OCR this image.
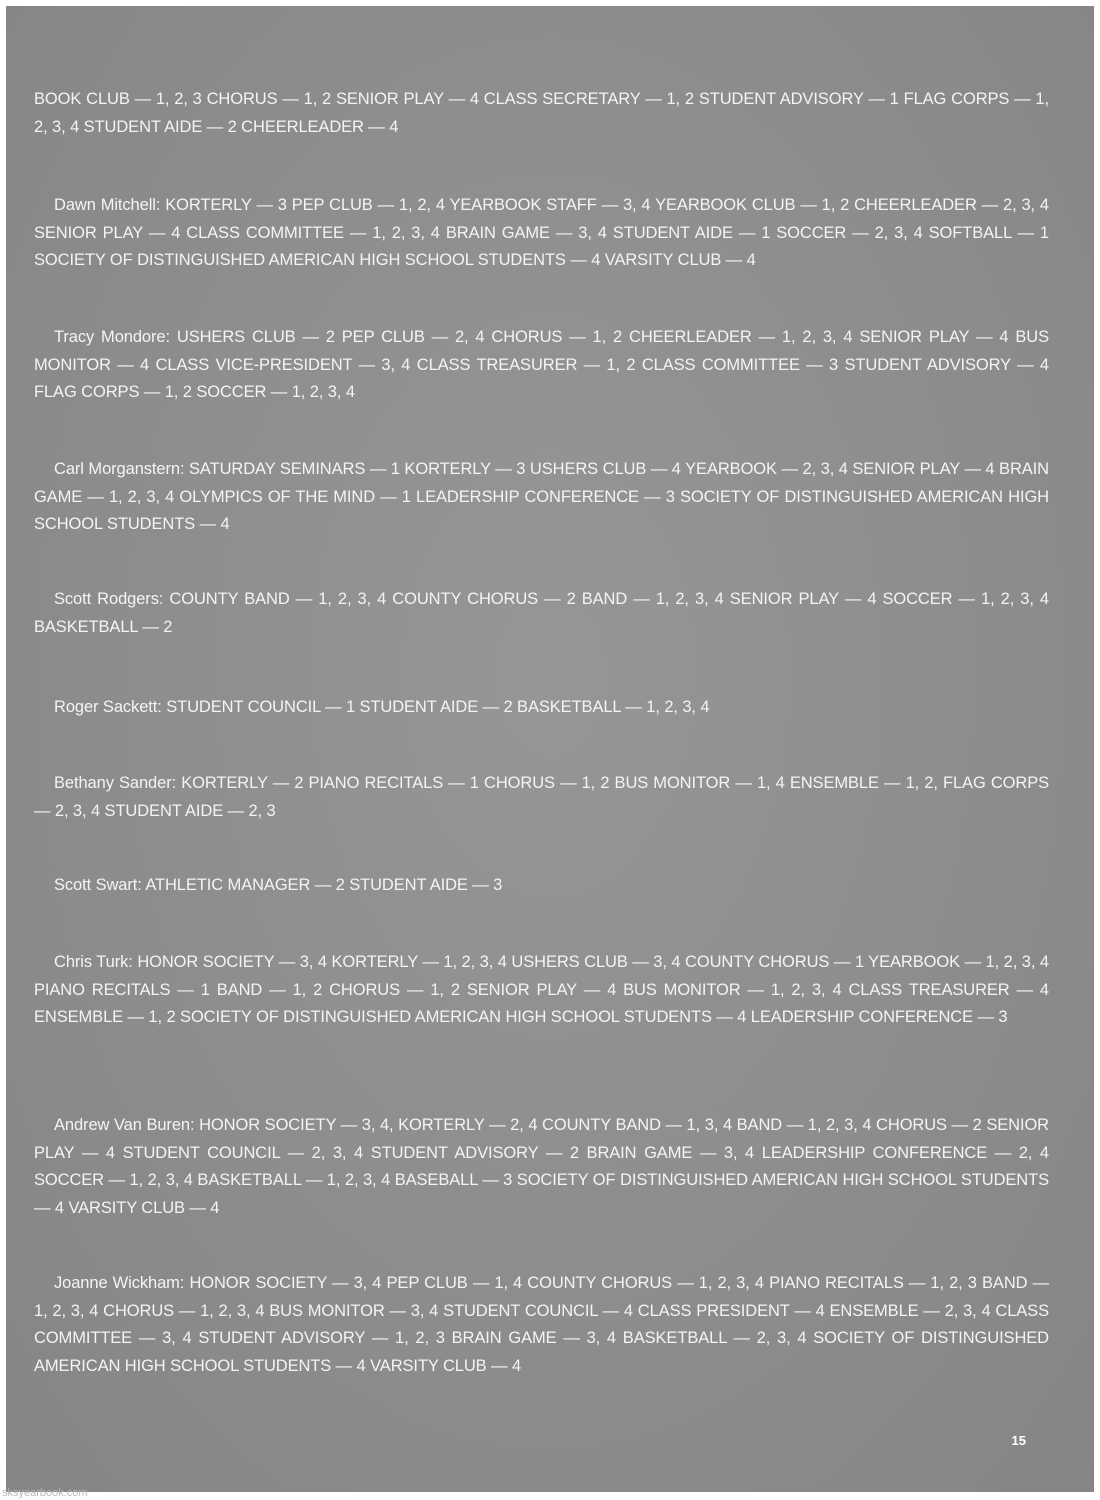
BOOK CLUB — 1, 2, 3 CHORUS — 1, 2 SENIOR PLAY — 4 CLASS SECRETARY — 1, 2 STUDENT ADVISORY — 1 FLAG CORPS — 1, 2, 3, 4 STUDENT AIDE — 2 CHEERLEADER — 4

Dawn Mitchell: KORTERLY — 3 PEP CLUB — 1, 2, 4 YEARBOOK STAFF — 3, 4 YEARBOOK CLUB — 1, 2 CHEERLEADER — 2, 3, 4 SENIOR PLAY — 4 CLASS COMMITTEE — 1, 2, 3, 4 BRAIN GAME — 3, 4 STUDENT AIDE — 1 SOCCER — 2, 3, 4 SOFTBALL — 1 SOCIETY OF DISTINGUISHED AMERICAN HIGH SCHOOL STUDENTS — 4 VARSITY CLUB — 4

Tracy Mondore: USHERS CLUB — 2 PEP CLUB — 2, 4 CHORUS — 1, 2 CHEERLEADER — 1, 2, 3, 4 SENIOR PLAY — 4 BUS MONITOR — 4 CLASS VICE-PRESIDENT — 3, 4 CLASS TREASURER — 1, 2 CLASS COMMITTEE — 3 STUDENT ADVISORY — 4 FLAG CORPS — 1, 2 SOCCER — 1, 2, 3, 4

Carl Morganstern: SATURDAY SEMINARS — 1 KORTERLY — 3 USHERS CLUB — 4 YEARBOOK — 2, 3, 4 SENIOR PLAY — 4 BRAIN GAME — 1, 2, 3, 4 OLYMPICS OF THE MIND — 1 LEADERSHIP CONFERENCE — 3 SOCIETY OF DISTINGUISHED AMERICAN HIGH SCHOOL STUDENTS — 4

Scott Rodgers: COUNTY BAND — 1, 2, 3, 4 COUNTY CHORUS — 2 BAND — 1, 2, 3, 4 SENIOR PLAY — 4 SOCCER — 1, 2, 3, 4 BASKETBALL — 2

Roger Sackett: STUDENT COUNCIL — 1 STUDENT AIDE — 2 BASKETBALL — 1, 2, 3, 4

Bethany Sander: KORTERLY — 2 PIANO RECITALS — 1 CHORUS — 1, 2 BUS MONITOR — 1, 4 ENSEMBLE — 1, 2, FLAG CORPS — 2, 3, 4 STUDENT AIDE — 2, 3

Scott Swart: ATHLETIC MANAGER — 2 STUDENT AIDE — 3

Chris Turk: HONOR SOCIETY — 3, 4 KORTERLY — 1, 2, 3, 4 USHERS CLUB — 3, 4 COUNTY CHORUS — 1 YEARBOOK — 1, 2, 3, 4 PIANO RECITALS — 1 BAND — 1, 2 CHORUS — 1, 2 SENIOR PLAY — 4 BUS MONITOR — 1, 2, 3, 4 CLASS TREASURER — 4 ENSEMBLE — 1, 2 SOCIETY OF DISTINGUISHED AMERICAN HIGH SCHOOL STUDENTS — 4 LEADERSHIP CONFERENCE — 3

Andrew Van Buren: HONOR SOCIETY — 3, 4, KORTERLY — 2, 4 COUNTY BAND — 1, 3, 4 BAND — 1, 2, 3, 4 CHORUS — 2 SENIOR PLAY — 4 STUDENT COUNCIL — 2, 3, 4 STUDENT ADVISORY — 2 BRAIN GAME — 3, 4 LEADERSHIP CONFERENCE — 2, 4 SOCCER — 1, 2, 3, 4 BASKETBALL — 1, 2, 3, 4 BASEBALL — 3 SOCIETY OF DISTINGUISHED AMERICAN HIGH SCHOOL STUDENTS — 4 VARSITY CLUB — 4

Joanne Wickham: HONOR SOCIETY — 3, 4 PEP CLUB — 1, 4 COUNTY CHORUS — 1, 2, 3, 4 PIANO RECITALS — 1, 2, 3 BAND — 1, 2, 3, 4 CHORUS — 1, 2, 3, 4 BUS MONITOR — 3, 4 STUDENT COUNCIL — 4 CLASS PRESIDENT — 4 ENSEMBLE — 2, 3, 4 CLASS COMMITTEE — 3, 4 STUDENT ADVISORY — 1, 2, 3 BRAIN GAME — 3, 4 BASKETBALL — 2, 3, 4 SOCIETY OF DISTINGUISHED AMERICAN HIGH SCHOOL STUDENTS — 4 VARSITY CLUB — 4

15
sksyearbook.com
